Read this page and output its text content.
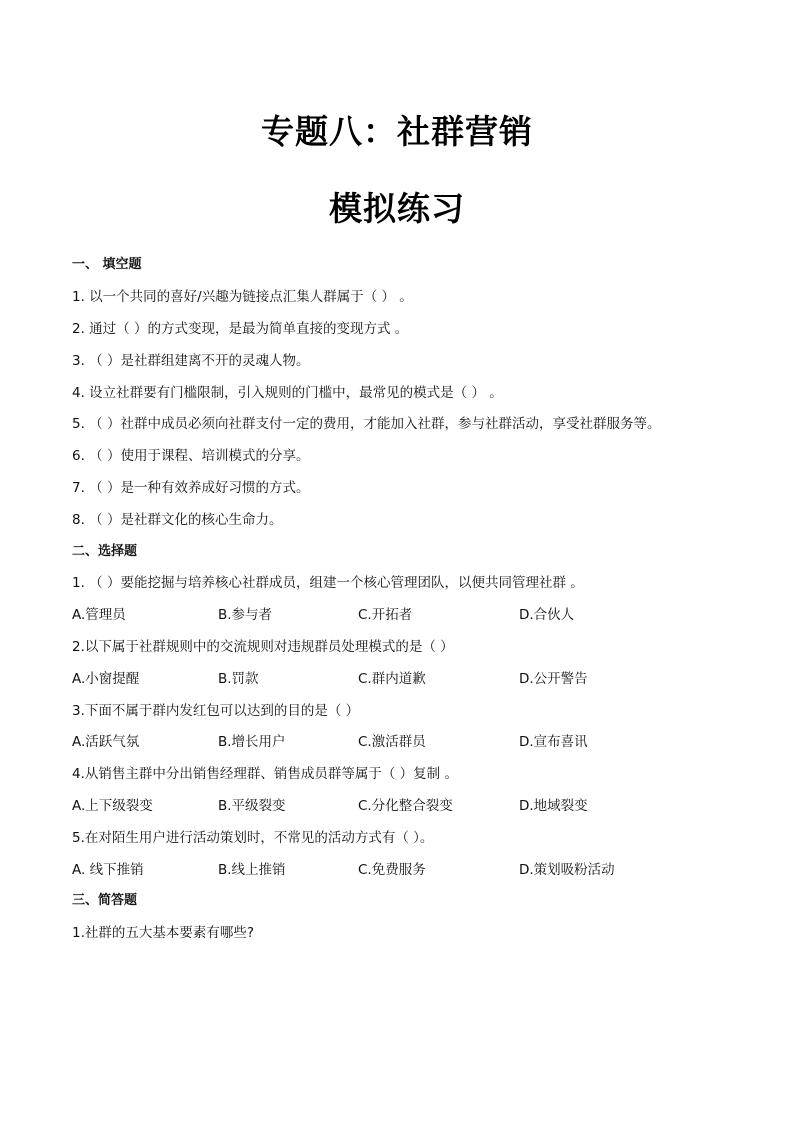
专题八：社群营销
模拟练习
一、 填空题
1. 以一个共同的喜好/兴趣为链接点汇集人群属于（ ） 。
2. 通过（ ）的方式变现，是最为简单直接的变现方式 。
3. （ ）是社群组建离不开的灵魂人物。
4. 设立社群要有门槛限制，引入规则的门槛中，最常见的模式是（ ） 。
5. （ ）社群中成员必须向社群支付一定的费用，才能加入社群，参与社群活动，享受社群服务等。
6. （ ）使用于课程、培训模式的分享。
7. （ ）是一种有效养成好习惯的方式。
8. （ ）是社群文化的核心生命力。
二、选择题
1. （ ）要能挖掘与培养核心社群成员，组建一个核心管理团队，以便共同管理社群 。
A.管理员	B.参与者	C.开拓者	D.合伙人
2.以下属于社群规则中的交流规则对违规群员处理模式的是（ ）
A.小窗提醒	B.罚款	C.群内道歉	D.公开警告
3.下面不属于群内发红包可以达到的目的是（ ）
A.活跃气氛	B.增长用户	C.激活群员	D.宣布喜讯
4.从销售主群中分出销售经理群、销售成员群等属于（ ）复制 。
A.上下级裂变	B.平级裂变	C.分化整合裂变	D.地域裂变
5.在对陌生用户进行活动策划时，不常见的活动方式有（ ）。
A. 线下推销	B.线上推销	C.免费服务	D.策划吸粉活动
三、简答题
1.社群的五大基本要素有哪些?
